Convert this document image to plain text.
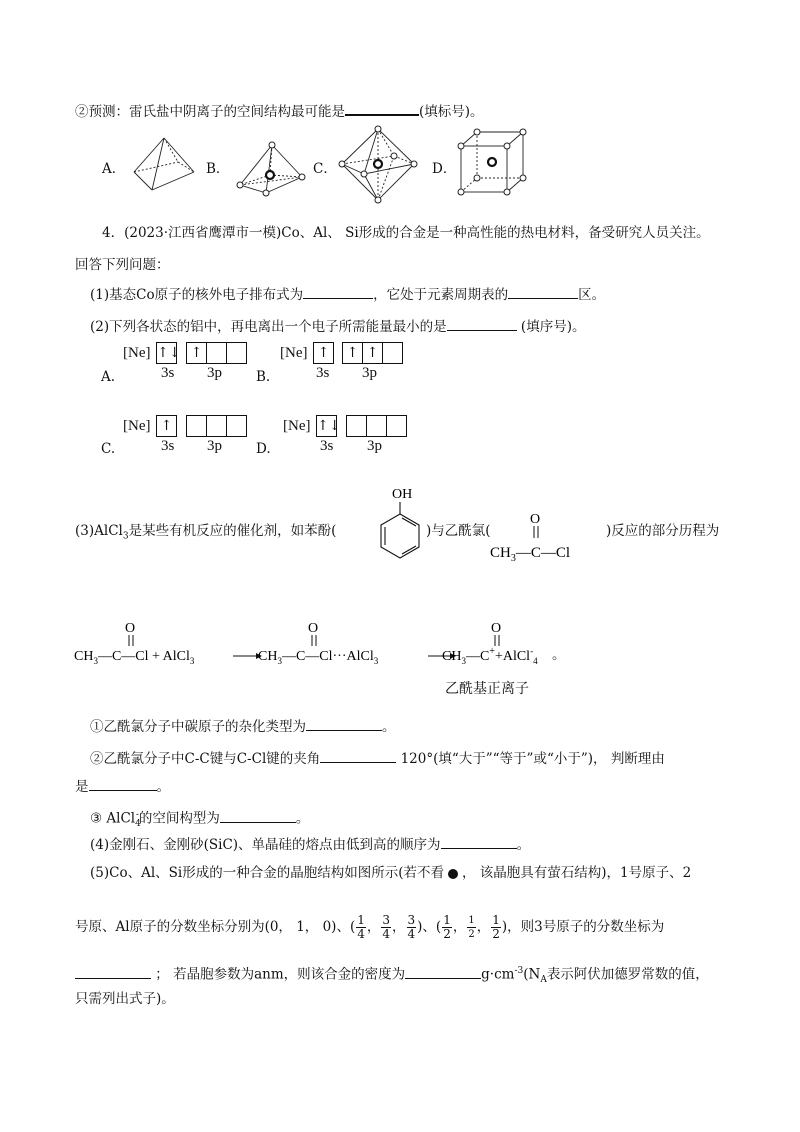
②预测：雷氏盐中阴离子的空间结构最可能是	(填标号)。
A．	B．	C．	D．
4．(2023·江西省鹰潭市一模)Co、Al、 Si形成的合金是一种高性能的热电材料，备受研究人员关注。
回答下列问题：
(1)基态Co原子的核外电子排布式为	，它处于元素周期表的	区。
(2)下列各状态的铝中，再电离出一个电子所需能量最小的是	(填序号)。
A.
[Ne] ↑↓ ↑
3s 3p	B.
[Ne] ↑	↑ ↑
3s 3p
C.
[Ne] ↑
3s 3p	D.
[Ne] ↑↓
3s 3p
(3)AlCl$_3$是某些有机反应的催化剂，如苯酚(
OH
)与乙酰氯(
O
$CH_3—C—Cl$
)反应的部分历程为
O
$CH_3—C—Cl$ + AlCl$_3$
O
$CH_3—C—Cl\cdot\cdot\cdot AlCl_3$
O
$CH_3—C^++AlCl^-_4$ 。
乙酰基正离子
①乙酰氯分子中碳原子的杂化类型为	。
②乙酰氯分子中C-C键与C-Cl键的夹角	120°(填“大于”“等于”或“小于”)， 判断理由
是	。
③ AlCl$_4$-的空间构型为	。
(4)金刚石、金刚砂(SiC)、单晶硅的熔点由低到高的顺序为	。
(5)Co、Al、Si形成的一种合金的晶胞结构如图所示(若不看 ， 该晶胞具有萤石结构)，1号原子、2
号原、Al原子的分数坐标分别为(0， 1， 0)、( $\frac{1}{4}$ ， $\frac{3}{4}$ ， $\frac{3}{4}$ )、( $\frac{1}{2}$ ， $\frac{1}{2}$ ， $\frac{1}{2}$ )，则3号原子的分数坐标为
； 若晶胞参数为anm，则该合金的密度为	$g\cdot cm^{-3}(N_A$表示阿伏加德罗常数的值，
只需列出式子)。
